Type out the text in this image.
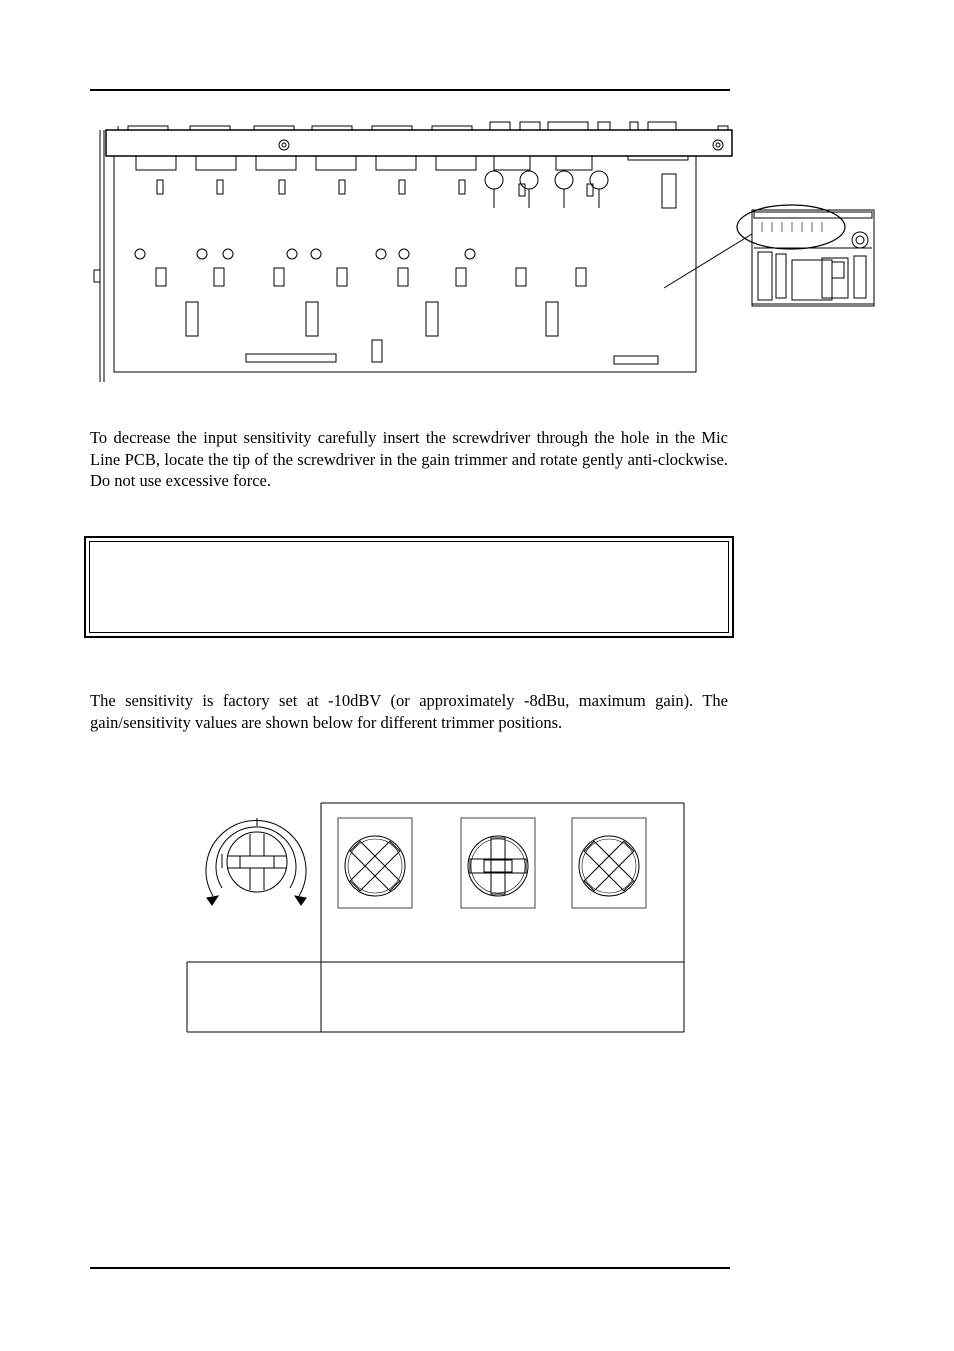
To decrease the input sensitivity carefully insert the screwdriver through the hole in the Mic Line PCB, locate the tip of the screwdriver in the gain trimmer and rotate gently anti-clockwise. Do not use excessive force.

The sensitivity is factory set at -10dBV (or approximately -8dBu, maximum gain). The gain/sensitivity values are shown below for different trimmer positions.
